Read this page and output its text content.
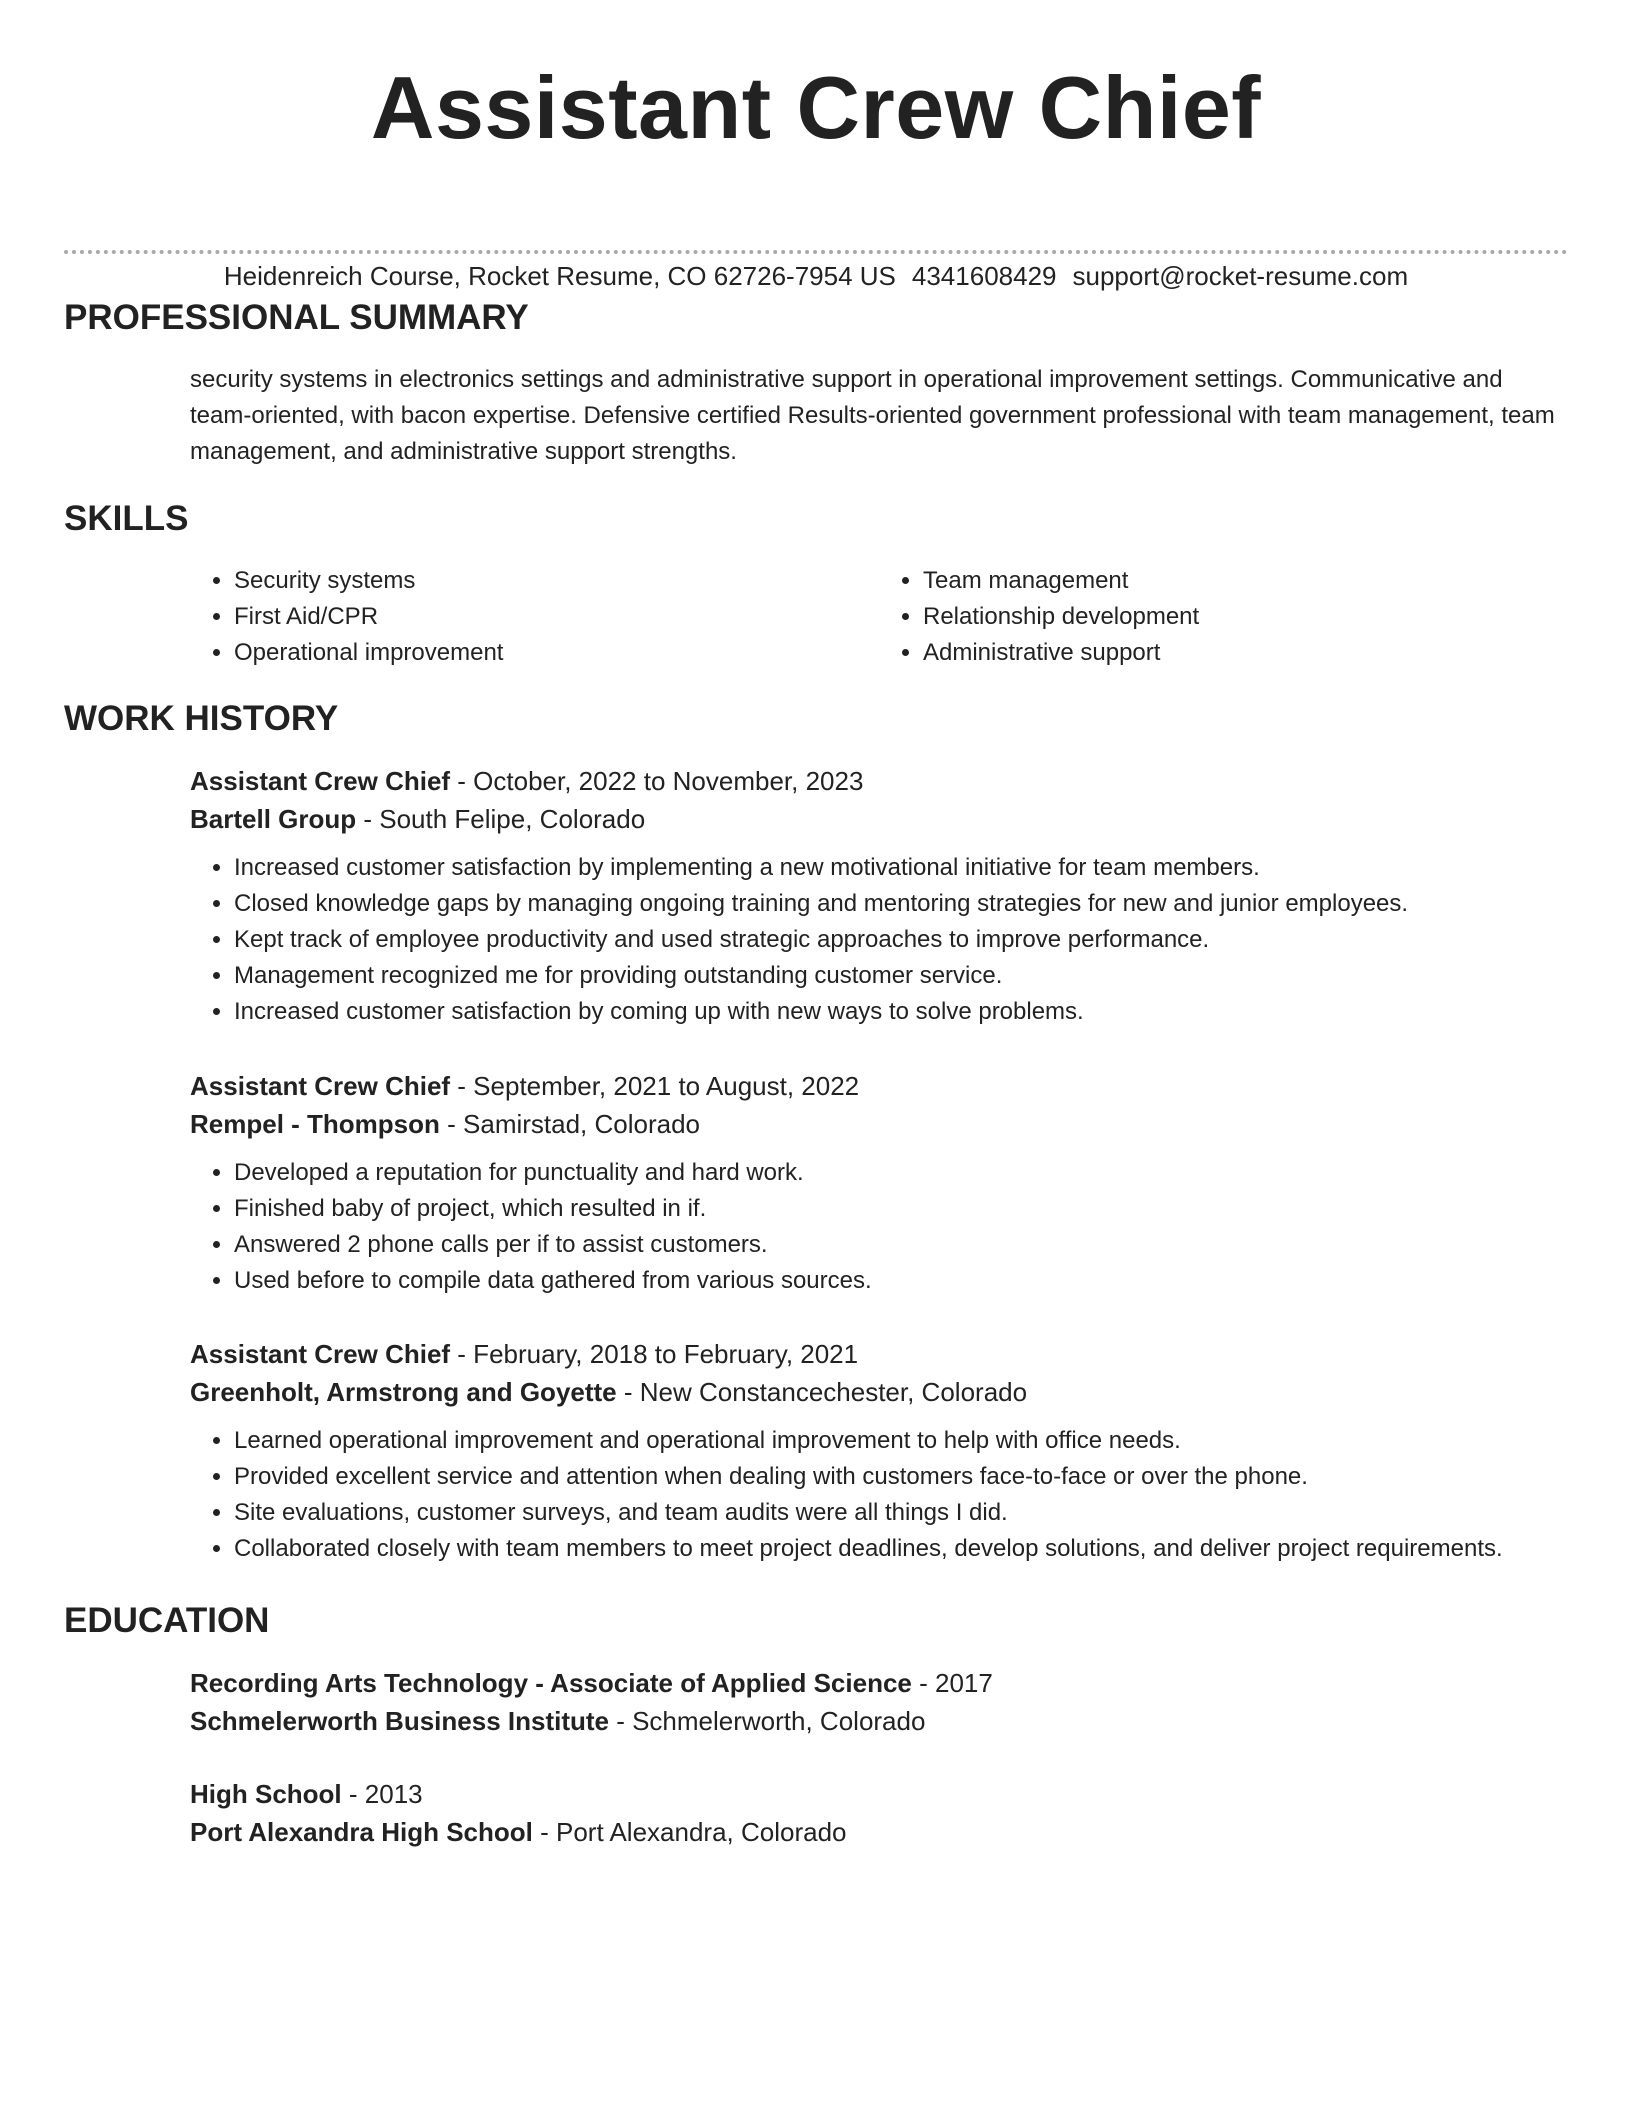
Assistant Crew Chief
Heidenreich Course, Rocket Resume, CO 62726-7954 US 4341608429 support@rocket-resume.com
PROFESSIONAL SUMMARY
security systems in electronics settings and administrative support in operational improvement settings. Communicative and team-oriented, with bacon expertise. Defensive certified Results-oriented government professional with team management, team management, and administrative support strengths.
SKILLS
• Security systems
• First Aid/CPR
• Operational improvement
• Team management
• Relationship development
• Administrative support
WORK HISTORY
Assistant Crew Chief - October, 2022 to November, 2023
Bartell Group - South Felipe, Colorado
• Increased customer satisfaction by implementing a new motivational initiative for team members.
• Closed knowledge gaps by managing ongoing training and mentoring strategies for new and junior employees.
• Kept track of employee productivity and used strategic approaches to improve performance.
• Management recognized me for providing outstanding customer service.
• Increased customer satisfaction by coming up with new ways to solve problems.
Assistant Crew Chief - September, 2021 to August, 2022
Rempel - Thompson - Samirstad, Colorado
• Developed a reputation for punctuality and hard work.
• Finished baby of project, which resulted in if.
• Answered 2 phone calls per if to assist customers.
• Used before to compile data gathered from various sources.
Assistant Crew Chief - February, 2018 to February, 2021
Greenholt, Armstrong and Goyette - New Constancechester, Colorado
• Learned operational improvement and operational improvement to help with office needs.
• Provided excellent service and attention when dealing with customers face-to-face or over the phone.
• Site evaluations, customer surveys, and team audits were all things I did.
• Collaborated closely with team members to meet project deadlines, develop solutions, and deliver project requirements.
EDUCATION
Recording Arts Technology - Associate of Applied Science - 2017
Schmelerworth Business Institute - Schmelerworth, Colorado
High School - 2013
Port Alexandra High School - Port Alexandra, Colorado
